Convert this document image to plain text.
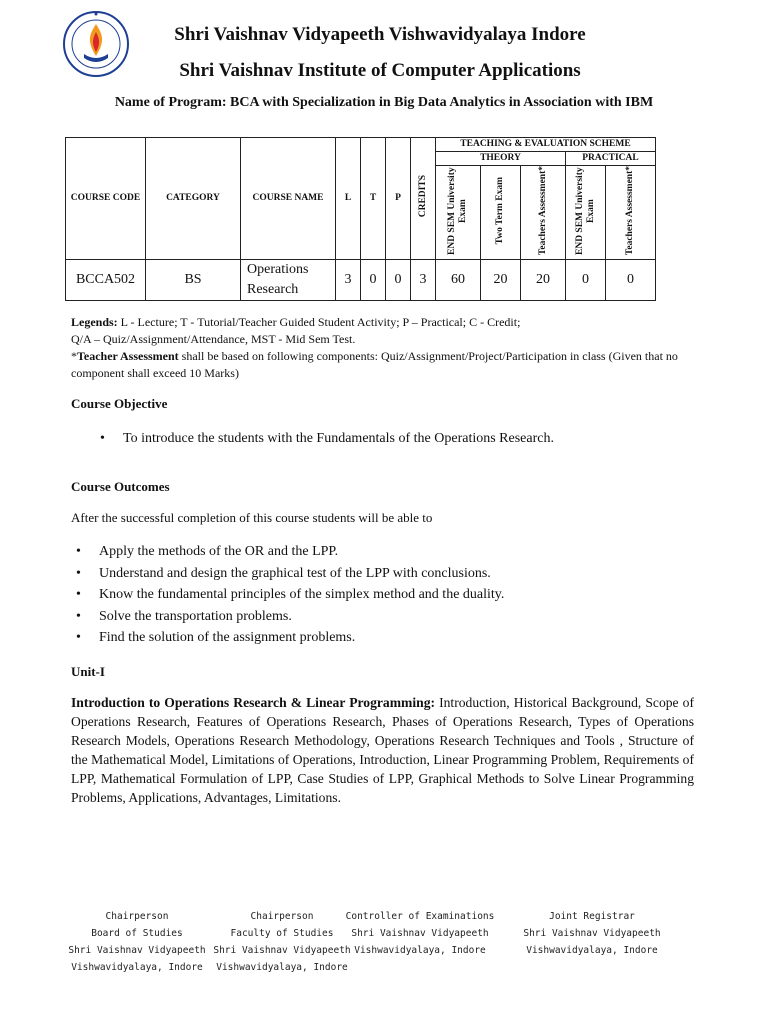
Shri Vaishnav Vidyapeeth Vishwavidyalaya Indore
Shri Vaishnav Institute of Computer Applications
Name of Program: BCA with Specialization in Big Data Analytics in Association with IBM
COURSE CODE	CATEGORY	COURSE NAME	L	T	P	CREDITS	TEACHING & EVALUATION SCHEME				
							THEORY			PRACTICAL	
							END SEM University Exam	Two Term Exam	Teachers Assessment*	END SEM University Exam	Teachers Assessment*
BCCA502	BS	Operations Research	3	0	0	3	60	20	20	0	0
Legends: L - Lecture; T - Tutorial/Teacher Guided Student Activity; P – Practical; C - Credit;
Q/A – Quiz/Assignment/Attendance, MST - Mid Sem Test.
*Teacher Assessment shall be based on following components: Quiz/Assignment/Project/Participation in class (Given that no component shall exceed 10 Marks)
Course Objective
• To introduce the students with the Fundamentals of the Operations Research.
Course Outcomes
After the successful completion of this course students will be able to
• Apply the methods of the OR and the LPP.
• Understand and design the graphical test of the LPP with conclusions.
• Know the fundamental principles of the simplex method and the duality.
• Solve the transportation problems.
• Find the solution of the assignment problems.
Unit-I
Introduction to Operations Research & Linear Programming: Introduction, Historical Background, Scope of Operations Research, Features of Operations Research, Phases of Operations Research, Types of Operations Research Models, Operations Research Methodology, Operations Research Techniques and Tools , Structure of the Mathematical Model, Limitations of Operations, Introduction, Linear Programming Problem, Requirements of LPP, Mathematical Formulation of LPP, Case Studies of LPP, Graphical Methods to Solve Linear Programming Problems, Applications, Advantages, Limitations.
Chairperson
Board of Studies
Shri Vaishnav Vidyapeeth
Vishwavidyalaya, Indore
Chairperson
Faculty of Studies
Shri Vaishnav Vidyapeeth
Vishwavidyalaya, Indore
Controller of Examinations
Shri Vaishnav Vidyapeeth
Vishwavidyalaya, Indore
Joint Registrar
Shri Vaishnav Vidyapeeth
Vishwavidyalaya, Indore
